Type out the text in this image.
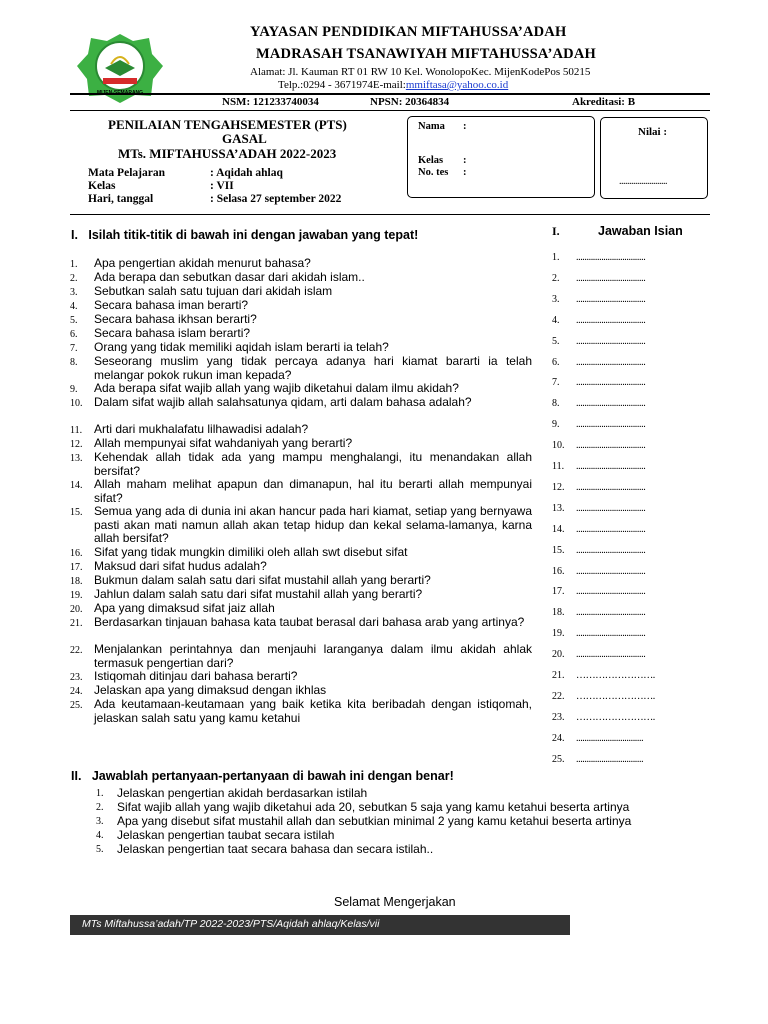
MIJEN-SEMARANG
YAYASAN PENDIDIKAN MIFTAHUSSA’ADAH
MADRASAH TSANAWIYAH MIFTAHUSSA’ADAH
Alamat: Jl. Kauman RT 01 RW 10 Kel. WonolopoKec. MijenKodePos 50215
Telp.:0294 - 3671974E-mail:mmiftasa@yahoo.co.id
NSM: 121233740034	NPSN: 20364834	Akreditasi: B
PENILAIAN TENGAHSEMESTER (PTS)
GASAL
MTs. MIFTAHUSSA’ADAH 2022-2023
Mata Pelajaran	: Aqidah ahlaq
Kelas	: VII
Hari, tanggal	: Selasa 27 september 2022
Nama :
Kelas :
No. tes :
Nilai :
........................
I.   Isilah titik-titik di bawah ini dengan jawaban yang tepat!
1.	Apa pengertian akidah menurut bahasa?
2.	Ada berapa dan sebutkan dasar dari akidah islam..
3.	Sebutkan salah satu tujuan dari akidah islam
4.	Secara bahasa iman berarti?
5.	Secara bahasa ikhsan berarti?
6.	Secara bahasa islam berarti?
7.	Orang yang tidak memiliki aqidah islam berarti ia telah?
8.	Seseorang muslim yang tidak percaya adanya hari kiamat bararti ia telah melangar pokok rukun iman kepada?
9.	Ada berapa sifat wajib allah yang wajib diketahui dalam ilmu akidah?
10. Dalam sifat wajib allah salahsatunya qidam, arti dalam bahasa adalah?
11. Arti dari mukhalafatu lilhawadisi adalah?
12. Allah mempunyai sifat wahdaniyah yang berarti?
13. Kehendak allah tidak ada yang mampu menghalangi, itu menandakan allah bersifat?
14. Allah maham melihat apapun dan dimanapun, hal itu berarti allah mempunyai sifat?
15. Semua yang ada di dunia ini akan hancur pada hari kiamat, setiap yang bernyawa pasti akan mati namun allah akan tetap hidup dan kekal selama-lamanya, karna allah bersifat?
16. Sifat yang tidak mungkin dimiliki oleh allah swt disebut sifat
17. Maksud dari sifat hudus adalah?
18. Bukmun dalam salah satu dari sifat mustahil allah yang berarti?
19. Jahlun dalam salah satu dari sifat mustahil allah yang berarti?
20. Apa yang dimaksud sifat jaiz allah
21. Berdasarkan tinjauan bahasa kata taubat berasal dari bahasa arab yang artinya?
22. Menjalankan perintahnya dan menjauhi laranganya dalam ilmu akidah ahlak termasuk pengertian dari?
23. Istiqomah ditinjau dari bahasa berarti?
24. Jelaskan apa yang dimaksud dengan ikhlas
25. Ada keutamaan-keutamaan yang baik ketika kita beribadah dengan istiqomah, jelaskan salah satu yang kamu ketahui
I.	Jawaban Isian
1. .................................
2. .................................
3. .................................
4. .................................
5. .................................
6. .................................
7. .................................
8. .................................
9. .................................
10. .................................
11. .................................
12. .................................
13. .................................
14. .................................
15. .................................
16. .................................
17. .................................
18. .................................
19. .................................
20. .................................
21. …………………….
22. …………………….
23. …………………….
24. ................................
25. ................................
II.   Jawablah pertanyaan-pertanyaan di bawah ini dengan benar!
1. Jelaskan pengertian akidah berdasarkan istilah
2. Sifat wajib allah yang wajib diketahui ada 20, sebutkan 5 saja yang kamu ketahui beserta artinya
3. Apa yang disebut sifat mustahil allah dan sebutkian minimal 2 yang kamu ketahui beserta artinya
4. Jelaskan pengertian taubat secara istilah
5. Jelaskan pengertian taat secara bahasa dan secara istilah..
Selamat Mengerjakan
MTs Miftahussa’adah/TP 2022-2023/PTS/Aqidah ahlaq/Kelas/vii
